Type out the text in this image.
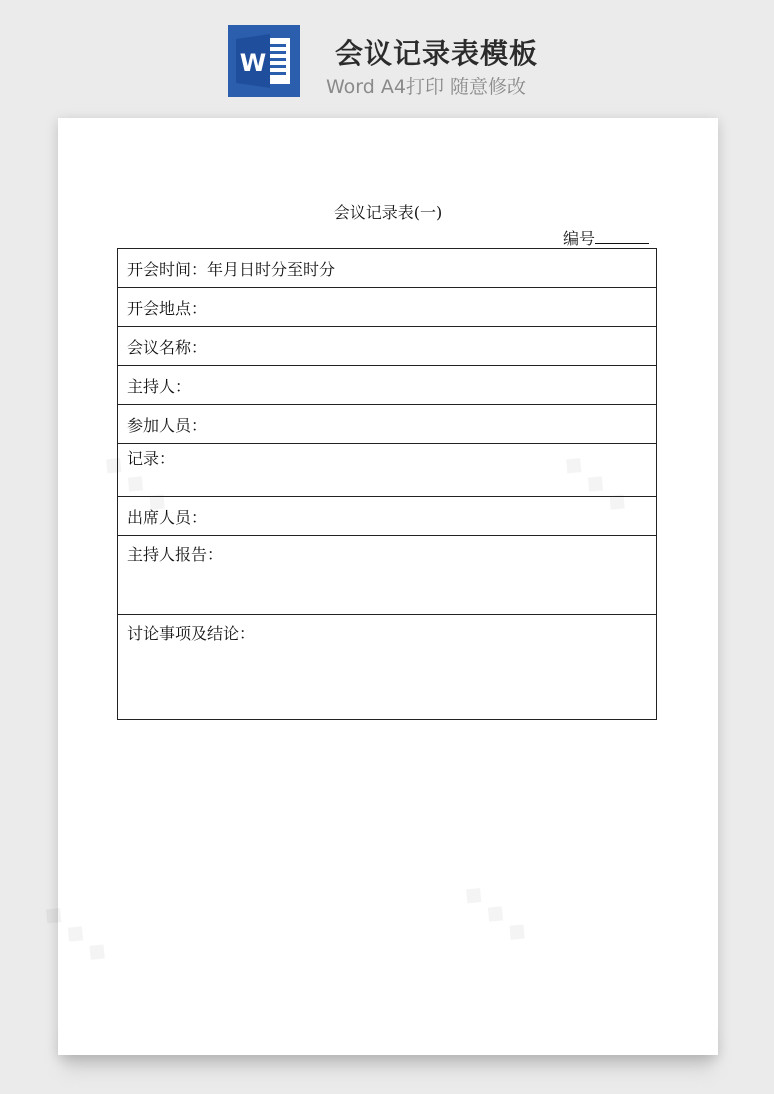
W 会议记录表模板
Word A4打印 随意修改
会议记录表(一)
编号
开会时间：年月日时分至时分
开会地点：
会议名称：
主持人：
参加人员：
记录：
出席人员：
主持人报告：
讨论事项及结论：
